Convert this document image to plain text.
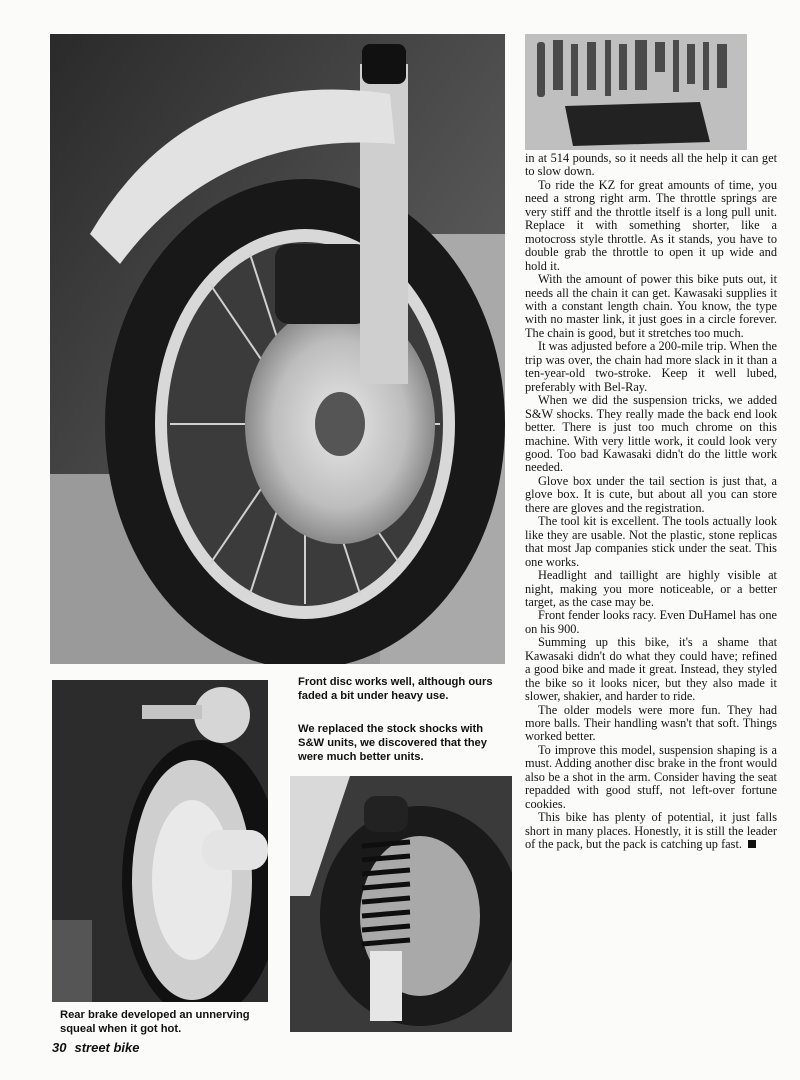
Front disc works well, although ours faded a bit under heavy use.
We replaced the stock shocks with S&W units, we discovered that they were much better units.
Rear brake developed an unnerving squeal when it got hot.

in at 514 pounds, so it needs all the help it can get to slow down.

To ride the KZ for great amounts of time, you need a strong right arm. The throttle springs are very stiff and the throttle itself is a long pull unit. Replace it with something shorter, like a motocross style throttle. As it stands, you have to double grab the throttle to open it up wide and hold it.

With the amount of power this bike puts out, it needs all the chain it can get. Kawasaki supplies it with a constant length chain. You know, the type with no master link, it just goes in a circle forever. The chain is good, but it stretches too much.

It was adjusted before a 200-mile trip. When the trip was over, the chain had more slack in it than a ten-year-old two-stroke. Keep it well lubed, preferably with Bel-Ray.

When we did the suspension tricks, we added S&W shocks. They really made the back end look better. There is just too much chrome on this machine. With very little work, it could look very good. Too bad Kawasaki didn't do the little work needed.

Glove box under the tail section is just that, a glove box. It is cute, but about all you can store there are gloves and the registration.

The tool kit is excellent. The tools actually look like they are usable. Not the plastic, stone replicas that most Jap companies stick under the seat. This one works.

Headlight and taillight are highly visible at night, making you more noticeable, or a better target, as the case may be.

Front fender looks racy. Even DuHamel has one on his 900.

Summing up this bike, it's a shame that Kawasaki didn't do what they could have; refined a good bike and made it great. Instead, they styled the bike so it looks nicer, but they also made it slower, shakier, and harder to ride.

The older models were more fun. They had more balls. Their handling wasn't that soft. Things worked better.

To improve this model, suspension shaping is a must. Adding another disc brake in the front would also be a shot in the arm. Consider having the seat repadded with good stuff, not left-over fortune cookies.

This bike has plenty of potential, it just falls short in many places. Honestly, it is still the leader of the pack, but the pack is catching up fast.

30 street bike
